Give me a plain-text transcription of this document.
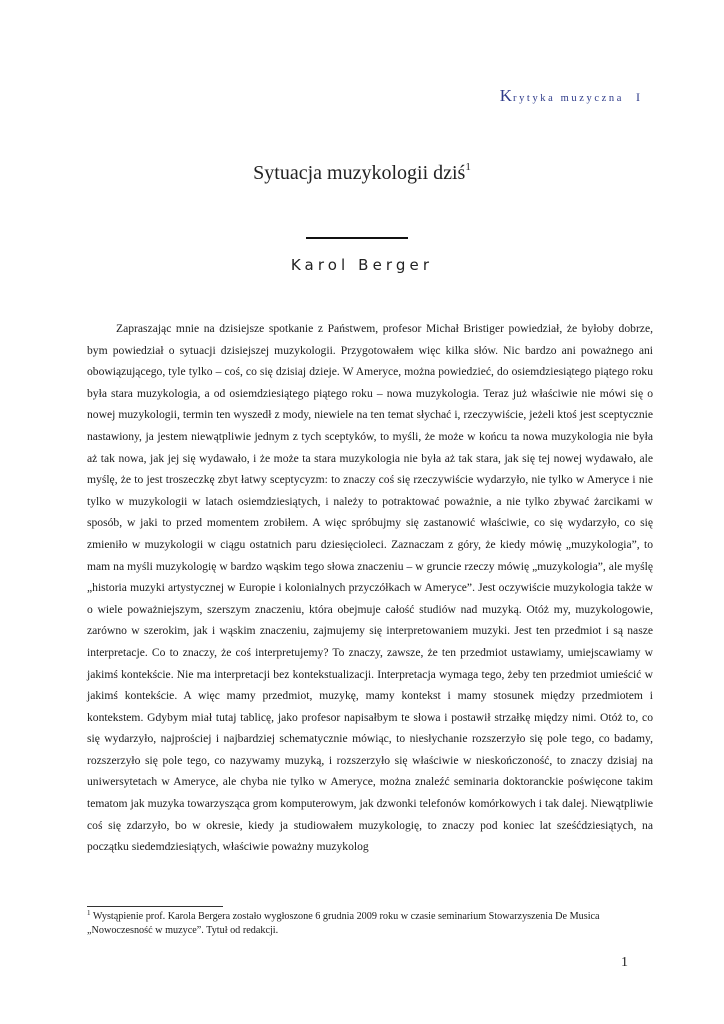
Krytyka muzyczna I
Sytuacja muzykologii dziś$^1$
Karol Berger

Zapraszając mnie na dzisiejsze spotkanie z Państwem, profesor Michał Bristiger powiedział, że byłoby dobrze, bym powiedział o sytuacji dzisiejszej muzykologii. Przygotowałem więc kilka słów. Nic bardzo ani poważnego ani obowiązującego, tyle tylko – coś, co się dzisiaj dzieje. W Ameryce, można powiedzieć, do osiemdziesiątego piątego roku była stara muzykologia, a od osiemdziesiątego piątego roku – nowa muzykologia. Teraz już właściwie nie mówi się o nowej muzykologii, termin ten wyszedł z mody, niewiele na ten temat słychać i, rzeczywiście, jeżeli ktoś jest sceptycznie nastawiony, ja jestem niewątpliwie jednym z tych sceptyków, to myśli, że może w końcu ta nowa muzykologia nie była aż tak nowa, jak jej się wydawało, i że może ta stara muzykologia nie była aż tak stara, jak się tej nowej wydawało, ale myślę, że to jest troszeczkę zbyt łatwy sceptycyzm: to znaczy coś się rzeczywiście wydarzyło, nie tylko w Ameryce i nie tylko w muzykologii w latach osiemdziesiątych, i należy to potraktować poważnie, a nie tylko zbywać żarcikami w sposób, w jaki to przed momentem zrobiłem. A więc spróbujmy się zastanowić właściwie, co się wydarzyło, co się zmieniło w muzykologii w ciągu ostatnich paru dziesięcioleci. Zaznaczam z góry, że kiedy mówię „muzykologia”, to mam na myśli muzykologię w bardzo wąskim tego słowa znaczeniu – w gruncie rzeczy mówię „muzykologia”, ale myślę „historia muzyki artystycznej w Europie i kolonialnych przyczółkach w Ameryce”. Jest oczywiście muzykologia także w o wiele poważniejszym, szerszym znaczeniu, która obejmuje całość studiów nad muzyką. Otóż my, muzykologowie, zarówno w szerokim, jak i wąskim znaczeniu, zajmujemy się interpretowaniem muzyki. Jest ten przedmiot i są nasze interpretacje. Co to znaczy, że coś interpretujemy? To znaczy, zawsze, że ten przedmiot ustawiamy, umiejscawiamy w jakimś kontekście. Nie ma interpretacji bez kontekstualizacji. Interpretacja wymaga tego, żeby ten przedmiot umieścić w jakimś kontekście. A więc mamy przedmiot, muzykę, mamy kontekst i mamy stosunek między przedmiotem i kontekstem. Gdybym miał tutaj tablicę, jako profesor napisałbym te słowa i postawił strzałkę między nimi. Otóż to, co się wydarzyło, najprościej i najbardziej schematycznie mówiąc, to niesłychanie rozszerzyło się pole tego, co badamy, rozszerzyło się pole tego, co nazywamy muzyką, i rozszerzyło się właściwie w nieskończoność, to znaczy dzisiaj na uniwersytetach w Ameryce, ale chyba nie tylko w Ameryce, można znaleźć seminaria doktoranckie poświęcone takim tematom jak muzyka towarzysząca grom komputerowym, jak dzwonki telefonów komórkowych i tak dalej. Niewątpliwie coś się zdarzyło, bo w okresie, kiedy ja studiowałem muzykologię, to znaczy pod koniec lat sześćdziesiątych, na początku siedemdziesiątych, właściwie poważny muzykolog

$^1$ Wystąpienie prof. Karola Bergera zostało wygłoszone 6 grudnia 2009 roku w czasie seminarium Stowarzyszenia De Musica „Nowoczesność w muzyce”. Tytuł od redakcji.

1
